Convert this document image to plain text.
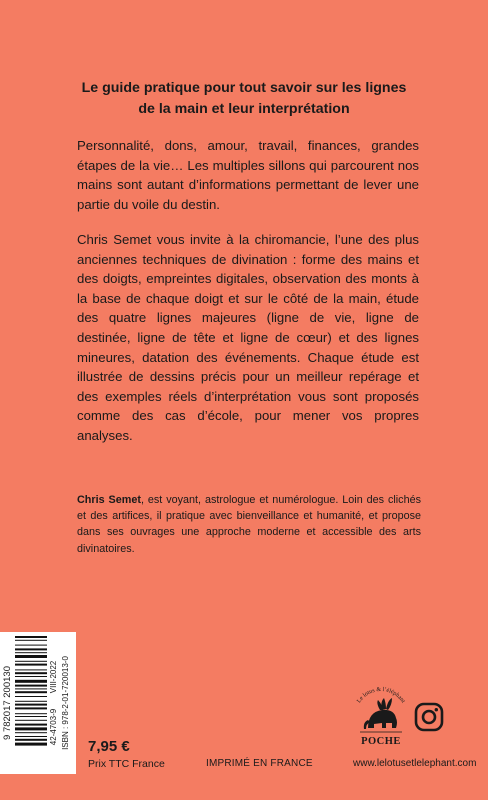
Le guide pratique pour tout savoir sur les lignes
de la main et leur interprétation
Personnalité, dons, amour, travail, finances, grandes étapes de la vie… Les multiples sillons qui parcourent nos mains sont autant d’informations permettant de lever une partie du voile du destin.
Chris Semet vous invite à la chiromancie, l’une des plus anciennes techniques de divination : forme des mains et des doigts, empreintes digitales, observation des monts à la base de chaque doigt et sur le côté de la main, étude des quatre lignes majeures (ligne de vie, ligne de destinée, ligne de tête et ligne de cœur) et des lignes mineures, datation des événements. Chaque étude est illustrée de dessins précis pour un meilleur repérage et des exemples réels d’interprétation vous sont proposés comme des cas d’école, pour mener vos propres analyses.
Chris Semet, est voyant, astrologue et numérologue. Loin des clichés et des artifices, il pratique avec bienveillance et humanité, et propose dans ses ouvrages une approche moderne et accessible des arts divinatoires.
9 782017 200130	42-4703-9       VIII-2022 ISBN : 978-2-01-720013-0 7,95 €
Prix TTC France	IMPRIMÉ EN FRANCE
Le lotus & l’éléphant
POCHE
www.lelotusetlelephant.com
